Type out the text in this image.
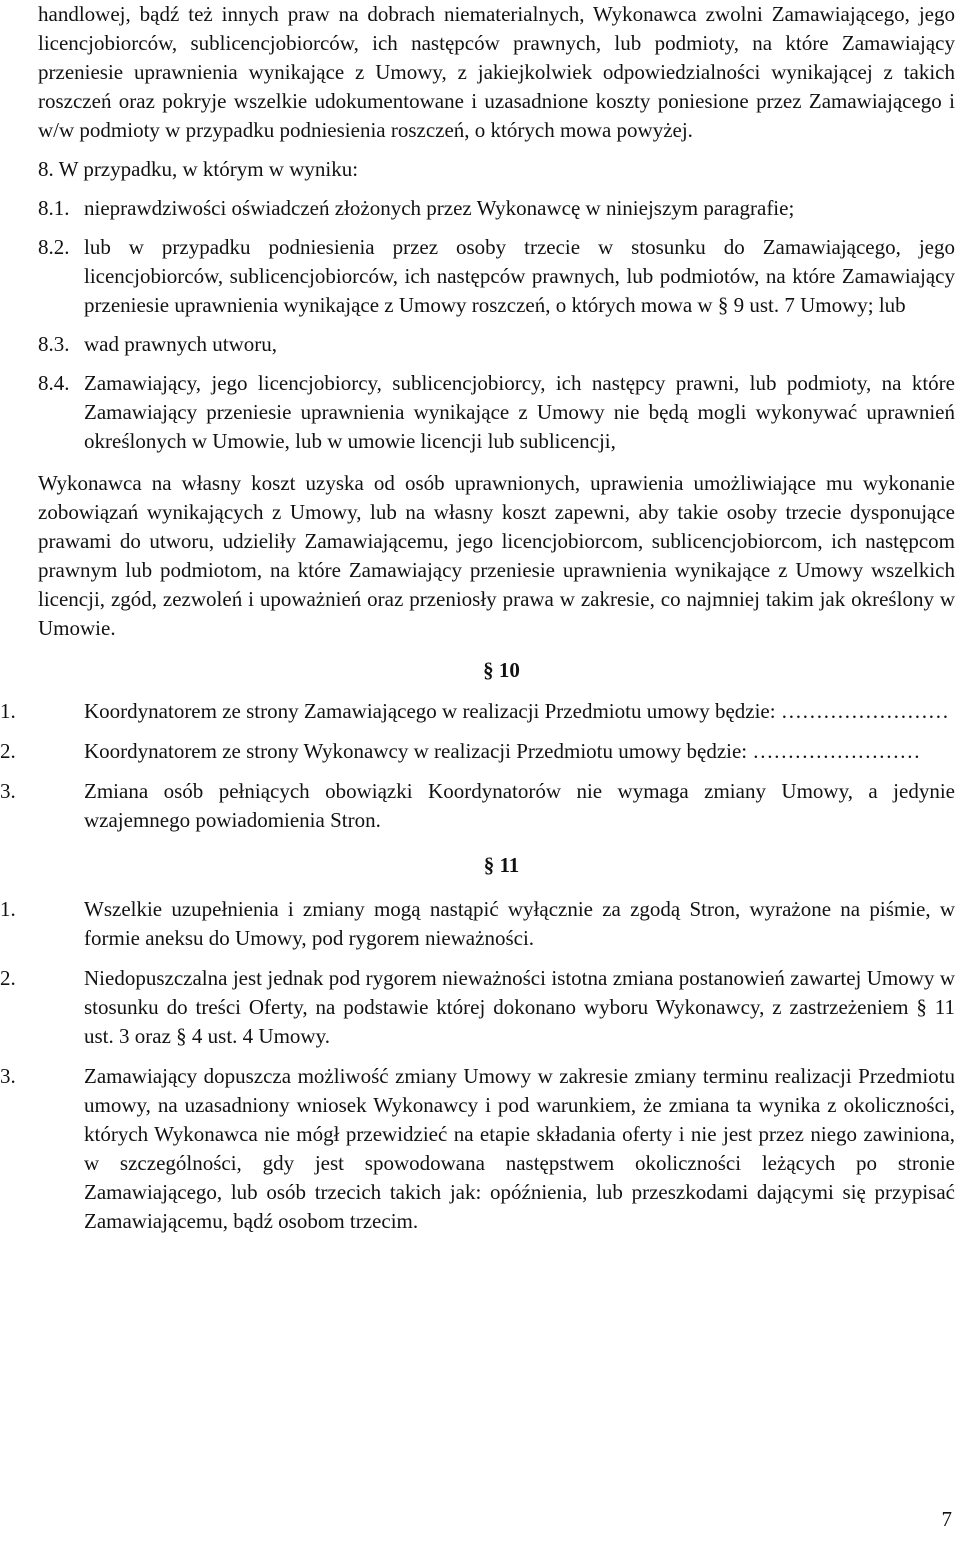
handlowej, bądź też innych praw na dobrach niematerialnych, Wykonawca zwolni Zamawiającego, jego licencjobiorców, sublicencjobiorców, ich następców prawnych, lub podmioty, na które Zamawiający przeniesie uprawnienia wynikające z Umowy, z jakiejkolwiek odpowiedzialności wynikającej z takich roszczeń oraz pokryje wszelkie udokumentowane i uzasadnione koszty poniesione przez Zamawiającego i w/w podmioty w przypadku podniesienia roszczeń, o których mowa powyżej.

8. W przypadku, w którym w wyniku:
8.1. nieprawdziwości oświadczeń złożonych przez Wykonawcę w niniejszym paragrafie;
8.2. lub w przypadku podniesienia przez osoby trzecie w stosunku do Zamawiającego, jego licencjobiorców, sublicencjobiorców, ich następców prawnych, lub podmiotów, na które Zamawiający przeniesie uprawnienia wynikające z Umowy roszczeń, o których mowa w § 9 ust. 7 Umowy; lub
8.3. wad prawnych utworu,
8.4. Zamawiający, jego licencjobiorcy, sublicencjobiorcy, ich następcy prawni, lub podmioty, na które Zamawiający przeniesie uprawnienia wynikające z Umowy nie będą mogli wykonywać uprawnień określonych w Umowie, lub w umowie licencji lub sublicencji,

Wykonawca na własny koszt uzyska od osób uprawnionych, uprawienia umożliwiające mu wykonanie zobowiązań wynikających z Umowy, lub na własny koszt zapewni, aby takie osoby trzecie dysponujące prawami do utworu, udzieliły Zamawiającemu, jego licencjobiorcom, sublicencjobiorcom, ich następcom prawnym lub podmiotom, na które Zamawiający przeniesie uprawnienia wynikające z Umowy wszelkich licencji, zgód, zezwoleń i upoważnień oraz przeniosły prawa w zakresie, co najmniej takim jak określony w Umowie.

§ 10
1.	Koordynatorem ze strony Zamawiającego w realizacji Przedmiotu umowy będzie: ……………………
2.	Koordynatorem ze strony Wykonawcy w realizacji Przedmiotu umowy będzie: ……………………
3.	Zmiana osób pełniących obowiązki Koordynatorów nie wymaga zmiany Umowy, a jedynie wzajemnego powiadomienia Stron.
§ 11
1.	Wszelkie uzupełnienia i zmiany mogą nastąpić wyłącznie za zgodą Stron, wyrażone na piśmie, w formie aneksu do Umowy, pod rygorem nieważności.
2.	Niedopuszczalna jest jednak pod rygorem nieważności istotna zmiana postanowień zawartej Umowy w stosunku do treści Oferty, na podstawie której dokonano wyboru Wykonawcy, z zastrzeżeniem § 11 ust. 3 oraz § 4 ust. 4 Umowy.
3.	Zamawiający dopuszcza możliwość zmiany Umowy w zakresie zmiany terminu realizacji Przedmiotu umowy, na uzasadniony wniosek Wykonawcy i pod warunkiem, że zmiana ta wynika z okoliczności, których Wykonawca nie mógł przewidzieć na etapie składania oferty i nie jest przez niego zawiniona, w szczególności, gdy jest spowodowana następstwem okoliczności leżących po stronie Zamawiającego, lub osób trzecich takich jak: opóźnienia, lub przeszkodami dającymi się przypisać Zamawiającemu, bądź osobom trzecim.
7
